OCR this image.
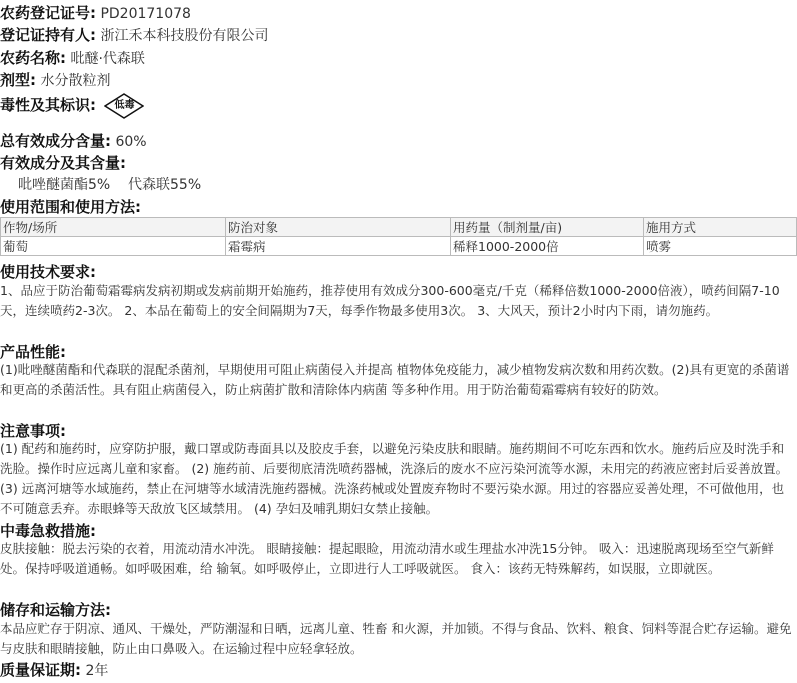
农药登记证号: PD20171078
登记证持有人: 浙江禾本科技股份有限公司
农药名称: 吡醚·代森联
剂型: 水分散粒剂
毒性及其标识:	低毒
总有效成分含量: 60%
有效成分及其含量:
吡唑醚菌酯5%    代森联55%
使用范围和使用方法:
作物/场所	防治对象	用药量（制剂量/亩)	施用方式
葡萄	霜霉病	稀释1000-2000倍	喷雾
使用技术要求:
1、品应于防治葡萄霜霉病发病初期或发病前期开始施药，推荐使用有效成分300-600毫克/千克（稀释倍数1000-2000倍液），喷药间隔7-10天，连续喷药2-3次。 2、本品在葡萄上的安全间隔期为7天，每季作物最多使用3次。 3、大风天，预计2小时内下雨，请勿施药。
产品性能:
(1)吡唑醚菌酯和代森联的混配杀菌剂，早期使用可阻止病菌侵入并提高 植物体免疫能力，减少植物发病次数和用药次数。(2)具有更宽的杀菌谱 和更高的杀菌活性。具有阻止病菌侵入，防止病菌扩散和清除体内病菌 等多种作用。用于防治葡萄霜霉病有较好的防效。
注意事项:
(1) 配药和施药时，应穿防护服，戴口罩或防毒面具以及胶皮手套，以避免污染皮肤和眼睛。施药期间不可吃东西和饮水。施药后应及时洗手和洗脸。操作时应远离儿童和家畜。 (2) 施药前、后要彻底清洗喷药器械，洗涤后的废水不应污染河流等水源，未用完的药液应密封后妥善放置。 (3) 远离河塘等水域施药，禁止在河塘等水域清洗施药器械。洗涤药械或处置废弃物时不要污染水源。用过的容器应妥善处理，不可做他用，也不可随意丢弃。赤眼蜂等天敌放飞区域禁用。 (4) 孕妇及哺乳期妇女禁止接触。
中毒急救措施:
皮肤接触：脱去污染的衣着，用流动清水冲洗。 眼睛接触：提起眼睑，用流动清水或生理盐水冲洗15分钟。 吸入：迅速脱离现场至空气新鲜处。保持呼吸道通畅。如呼吸困难，给 输氧。如呼吸停止，立即进行人工呼吸就医。 食入：该药无特殊解药，如误服，立即就医。
储存和运输方法:
本品应贮存于阴凉、通风、干燥处，严防潮湿和日晒，远离儿童、牲畜 和火源，并加锁。不得与食品、饮料、粮食、饲料等混合贮存运输。避免与皮肤和眼睛接触，防止由口鼻吸入。在运输过程中应轻拿轻放。
质量保证期: 2年
